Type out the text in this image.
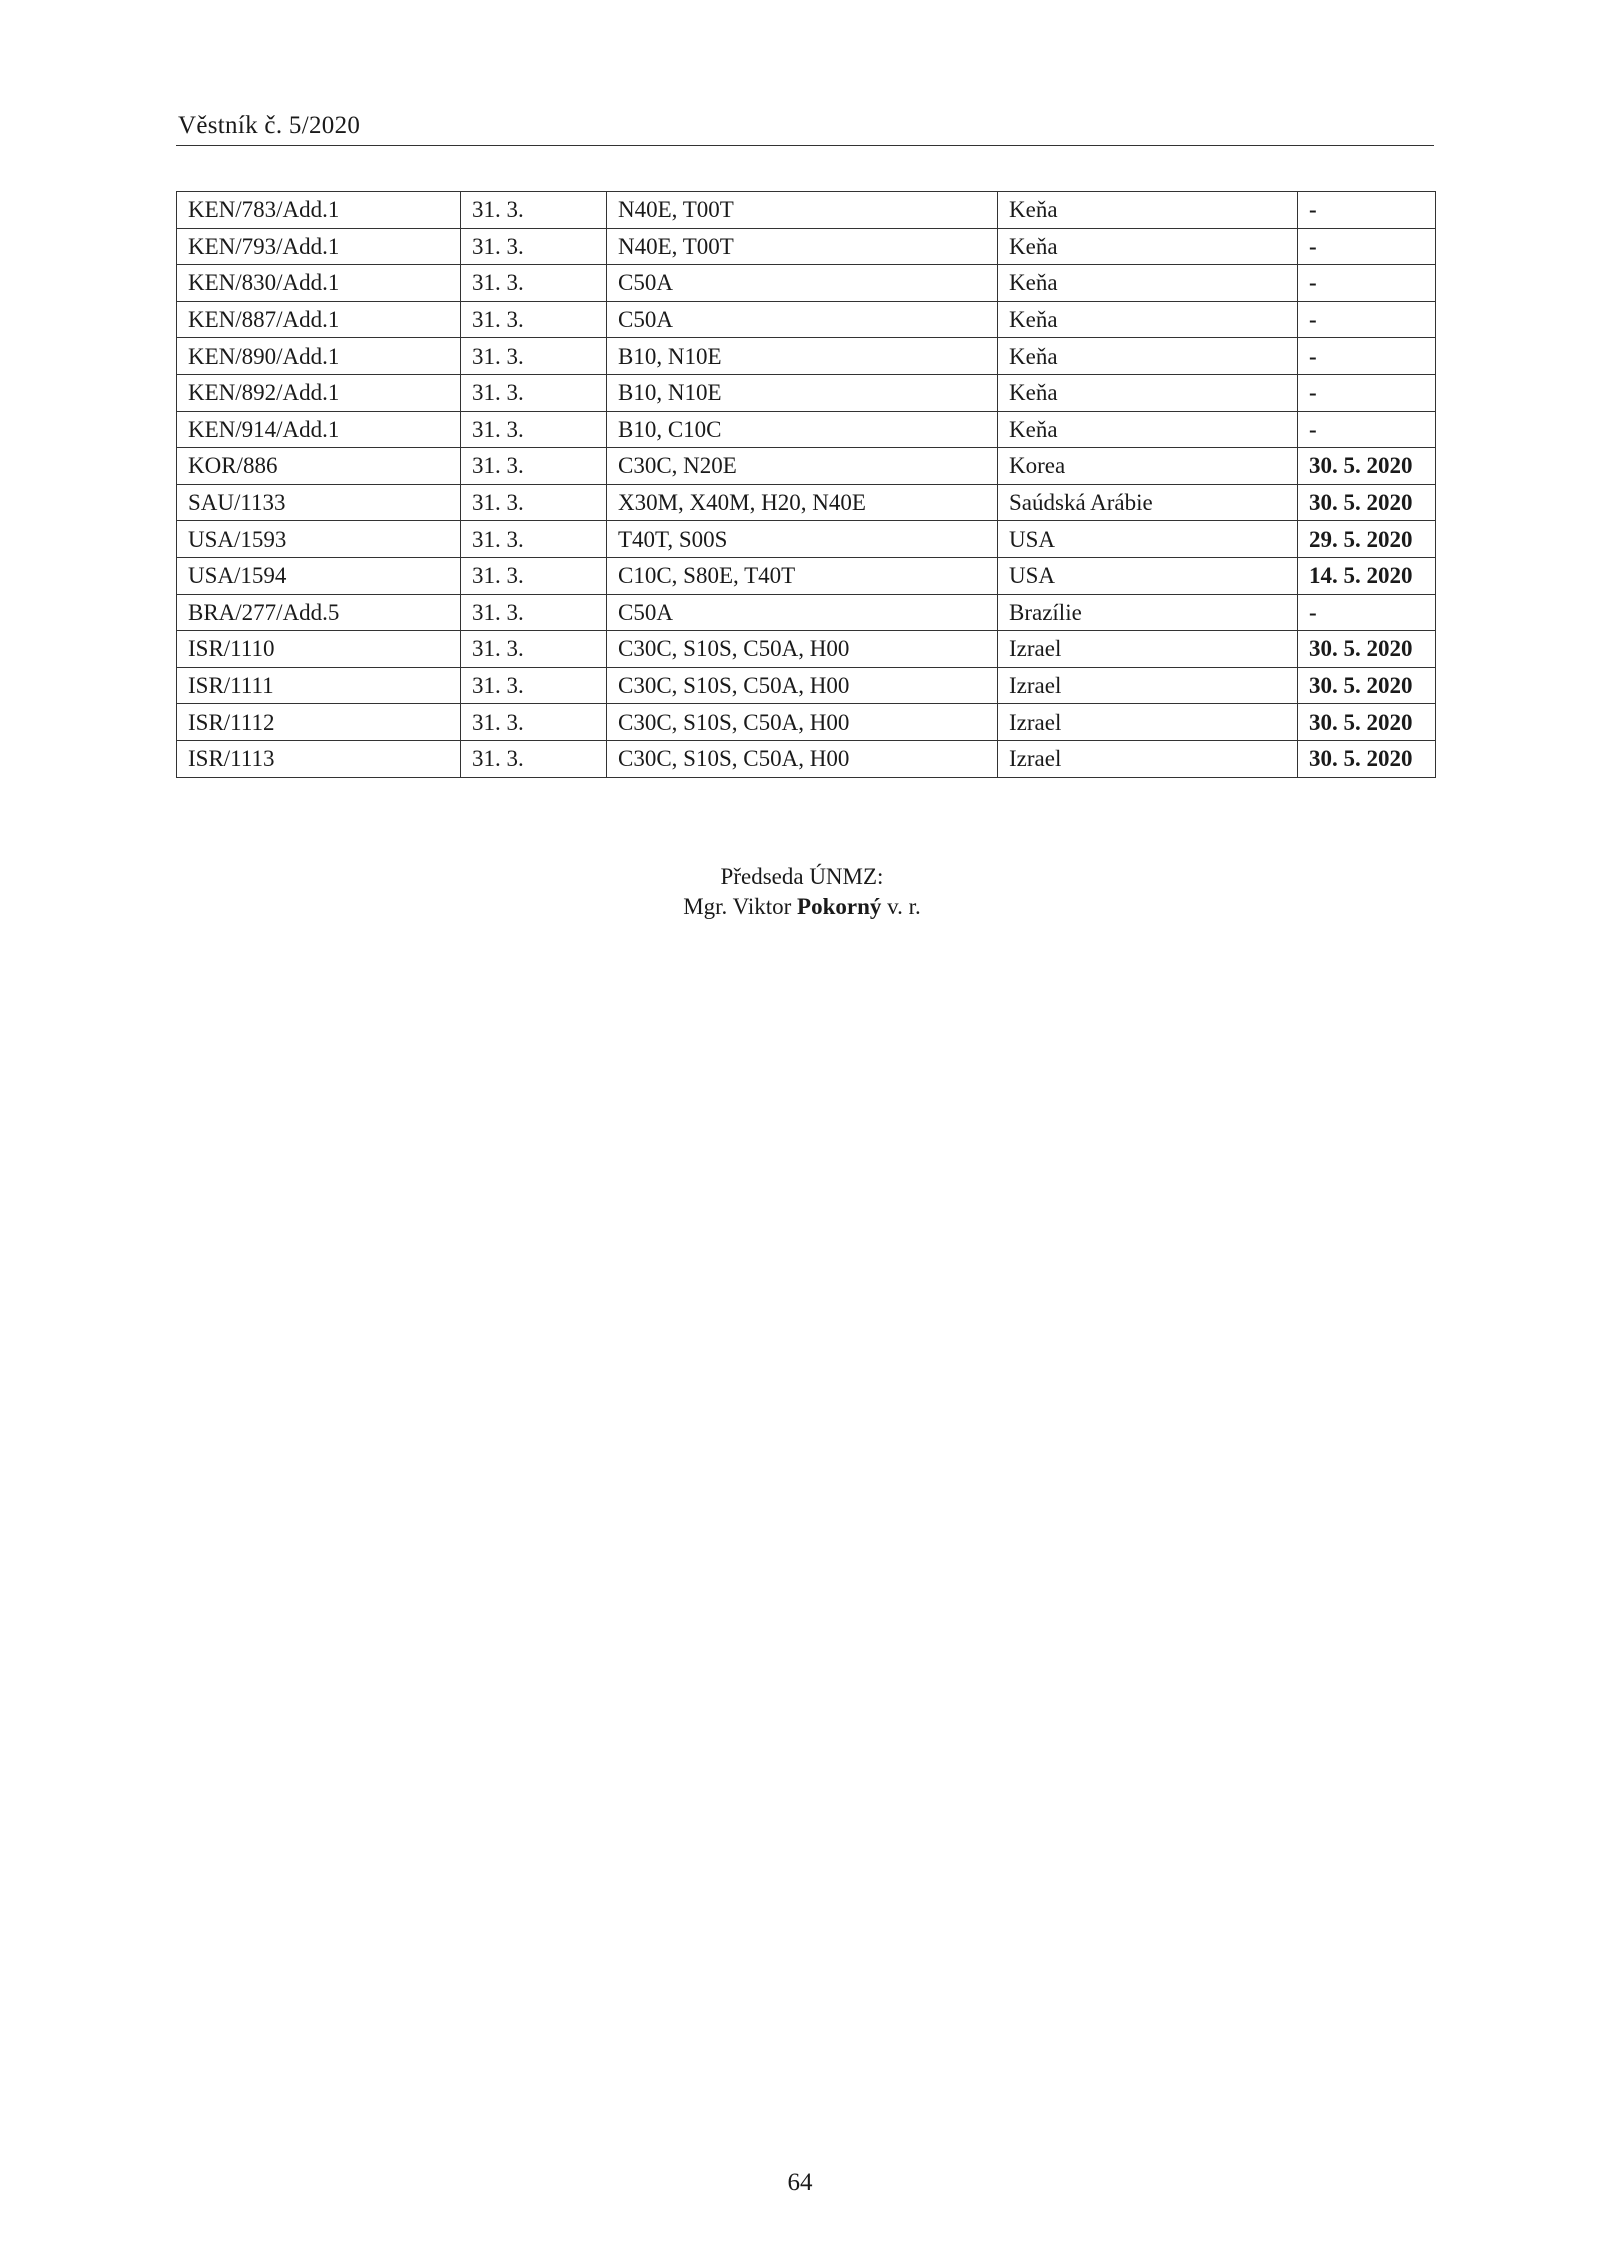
Věstník č. 5/2020
KEN/783/Add.1	31. 3.	N40E, T00T	Keňa	-
KEN/793/Add.1	31. 3.	N40E, T00T	Keňa	-
KEN/830/Add.1	31. 3.	C50A	Keňa	-
KEN/887/Add.1	31. 3.	C50A	Keňa	-
KEN/890/Add.1	31. 3.	B10, N10E	Keňa	-
KEN/892/Add.1	31. 3.	B10, N10E	Keňa	-
KEN/914/Add.1	31. 3.	B10, C10C	Keňa	-
KOR/886	31. 3.	C30C, N20E	Korea	30. 5. 2020
SAU/1133	31. 3.	X30M, X40M, H20, N40E	Saúdská Arábie	30. 5. 2020
USA/1593	31. 3.	T40T, S00S	USA	29. 5. 2020
USA/1594	31. 3.	C10C, S80E, T40T	USA	14. 5. 2020
BRA/277/Add.5	31. 3.	C50A	Brazílie	-
ISR/1110	31. 3.	C30C, S10S, C50A, H00	Izrael	30. 5. 2020
ISR/1111	31. 3.	C30C, S10S, C50A, H00	Izrael	30. 5. 2020
ISR/1112	31. 3.	C30C, S10S, C50A, H00	Izrael	30. 5. 2020
ISR/1113	31. 3.	C30C, S10S, C50A, H00	Izrael	30. 5. 2020
Předseda ÚNMZ:
Mgr. Viktor Pokorný v. r.
64
